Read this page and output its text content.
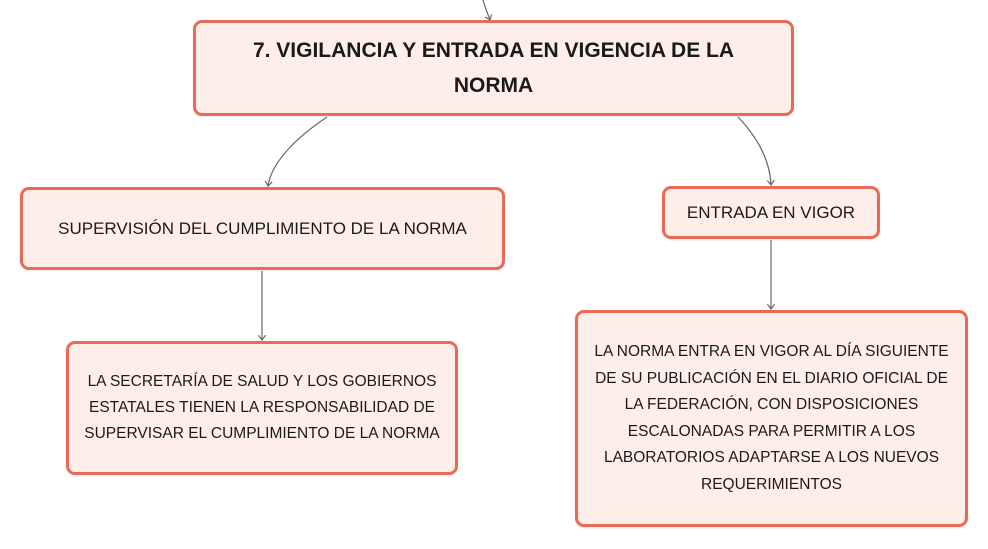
7. VIGILANCIA Y ENTRADA EN VIGENCIA DE LA NORMA
SUPERVISIÓN DEL CUMPLIMIENTO DE LA NORMA
ENTRADA EN VIGOR
LA SECRETARÍA DE SALUD Y LOS GOBIERNOS ESTATALES TIENEN LA RESPONSABILIDAD DE SUPERVISAR EL CUMPLIMIENTO DE LA NORMA
LA NORMA ENTRA EN VIGOR AL DÍA SIGUIENTE DE SU PUBLICACIÓN EN EL DIARIO OFICIAL DE LA FEDERACIÓN, CON DISPOSICIONES ESCALONADAS PARA PERMITIR A LOS LABORATORIOS ADAPTARSE A LOS NUEVOS REQUERIMIENTOS
